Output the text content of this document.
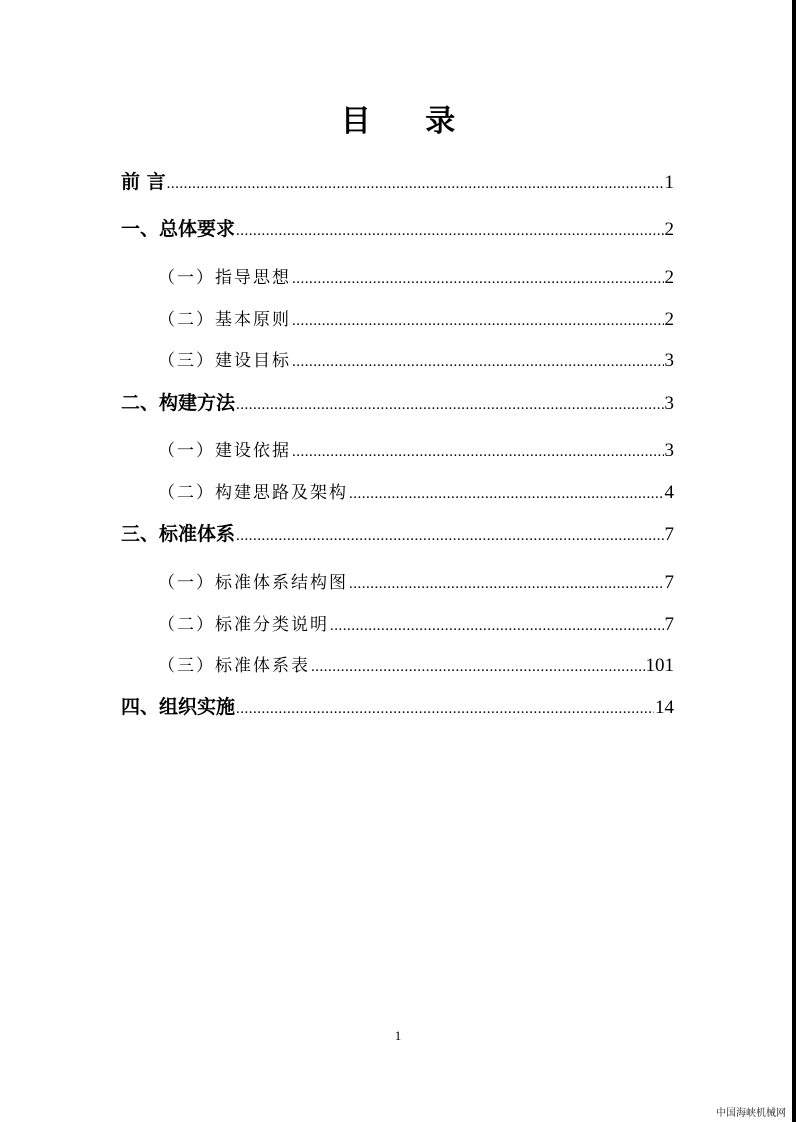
目 录
前 言 .....	1
一、总体要求 .....	2
（一）指导思想 .....	2
（二）基本原则 .....	2
（三）建设目标 .....	3
二、构建方法 .....	3
（一）建设依据 .....	3
（二）构建思路及架构 .....	4
三、标准体系 .....	7
（一）标准体系结构图 .....	7
（二）标准分类说明 .....	7
（三）标准体系表 .....	101
四、组织实施 .....	14
1
中国海峡机械网
